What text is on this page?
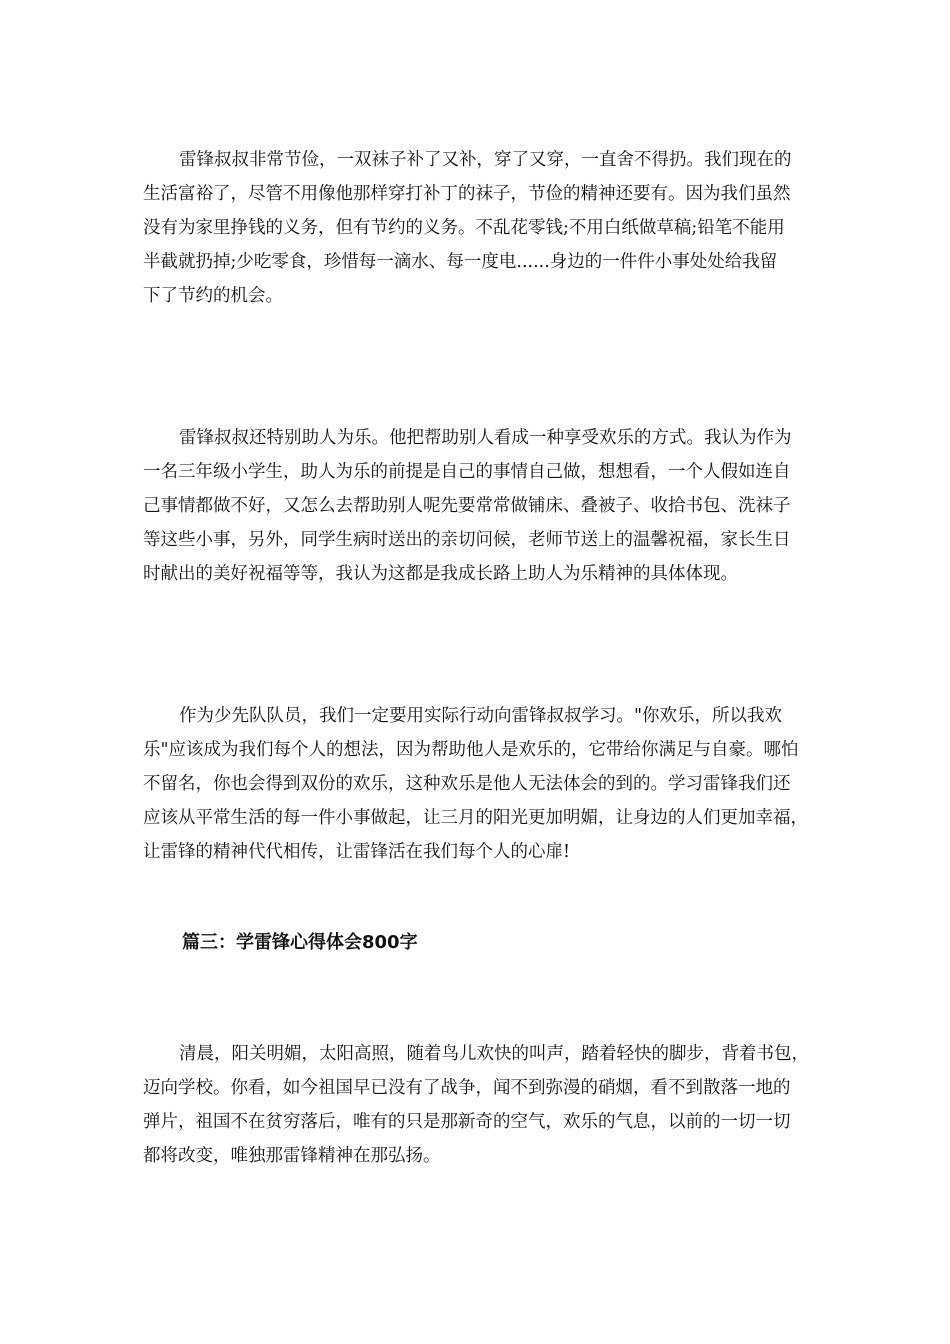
雷锋叔叔非常节俭，一双袜子补了又补，穿了又穿，一直舍不得扔。我们现在的
生活富裕了，尽管不用像他那样穿打补丁的袜子，节俭的精神还要有。因为我们虽然
没有为家里挣钱的义务，但有节约的义务。不乱花零钱;不用白纸做草稿;铅笔不能用
半截就扔掉;少吃零食，珍惜每一滴水、每一度电......身边的一件件小事处处给我留
下了节约的机会。
雷锋叔叔还特别助人为乐。他把帮助别人看成一种享受欢乐的方式。我认为作为
一名三年级小学生，助人为乐的前提是自己的事情自己做，想想看，一个人假如连自
己事情都做不好，又怎么去帮助别人呢先要常常做铺床、叠被子、收拾书包、洗袜子
等这些小事，另外，同学生病时送出的亲切问候，老师节送上的温馨祝福，家长生日
时献出的美好祝福等等，我认为这都是我成长路上助人为乐精神的具体体现。
作为少先队队员，我们一定要用实际行动向雷锋叔叔学习。"你欢乐，所以我欢
乐"应该成为我们每个人的想法，因为帮助他人是欢乐的，它带给你满足与自豪。哪怕
不留名，你也会得到双份的欢乐，这种欢乐是他人无法体会的到的。学习雷锋我们还
应该从平常生活的每一件小事做起，让三月的阳光更加明媚，让身边的人们更加幸福，
让雷锋的精神代代相传，让雷锋活在我们每个人的心扉!
篇三：学雷锋心得体会800字
清晨，阳关明媚，太阳高照，随着鸟儿欢快的叫声，踏着轻快的脚步，背着书包，
迈向学校。你看，如今祖国早已没有了战争，闻不到弥漫的硝烟，看不到散落一地的
弹片，祖国不在贫穷落后，唯有的只是那新奇的空气，欢乐的气息，以前的一切一切
都将改变，唯独那雷锋精神在那弘扬。
